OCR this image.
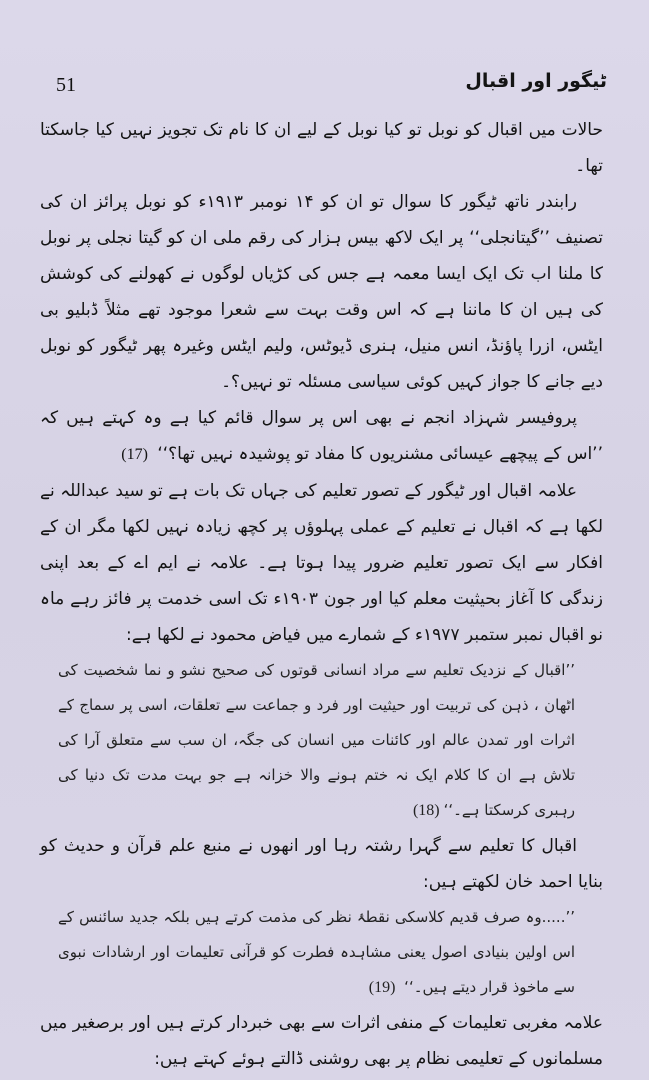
51	ٹیگور اور اقبال

حالات میں اقبال کو نوبل تو کیا نوبل کے لیے ان کا نام تک تجویز نہیں کیا جاسکتا تھا۔

رابندر ناتھ ٹیگور کا سوال تو ان کو ۱۴ نومبر ۱۹۱۳ء کو نوبل پرائز ان کی تصنیف ’’گیتانجلی‘‘ پر ایک لاکھ بیس ہزار کی رقم ملی ان کو گیتا نجلی پر نوبل کا ملنا اب تک ایک ایسا معمہ ہے جس کی کڑیاں لوگوں نے کھولنے کی کوشش کی ہیں ان کا ماننا ہے کہ اس وقت بہت سے شعرا موجود تھے مثلاً ڈبلیو بی ایٹس، ازرا پاؤنڈ، انس منیل، ہنری ڈیوٹس، ولیم ایٹس وغیرہ پھر ٹیگور کو نوبل دیے جانے کا جواز کہیں کوئی سیاسی مسئلہ تو نہیں؟۔

پروفیسر شہزاد انجم نے بھی اس پر سوال قائم کیا ہے وہ کہتے ہیں کہ ’’اس کے پیچھے عیسائی مشنریوں کا مفاد تو پوشیدہ نہیں تھا؟‘‘ (17)

علامہ اقبال اور ٹیگور کے تصور تعلیم کی جہاں تک بات ہے تو سید عبداللہ نے لکھا ہے کہ اقبال نے تعلیم کے عملی پہلوؤں پر کچھ زیادہ نہیں لکھا مگر ان کے افکار سے ایک تصور تعلیم ضرور پیدا ہوتا ہے۔ علامہ نے ایم اے کے بعد اپنی زندگی کا آغاز بحیثیت معلم کیا اور جون ۱۹۰۳ء تک اسی خدمت پر فائز رہے ماہ نو اقبال نمبر ستمبر ۱۹۷۷ء کے شمارے میں فیاض محمود نے لکھا ہے:

’’اقبال کے نزدیک تعلیم سے مراد انسانی قوتوں کی صحیح نشو و نما شخصیت کی اٹھان ، ذہن کی تربیت اور حیثیت اور فرد و جماعت سے تعلقات، اسی پر سماج کے اثرات اور تمدن عالم اور کائنات میں انسان کی جگہ، ان سب سے متعلق آرا کی تلاش ہے ان کا کلام ایک نہ ختم ہونے والا خزانہ ہے جو بہت مدت تک دنیا کی رہبری کرسکتا ہے۔‘‘(18)

اقبال کا تعلیم سے گہرا رشتہ رہا اور انھوں نے منبع علم قرآن و حدیث کو بنایا احمد خان لکھتے ہیں:

’’.....وہ صرف قدیم کلاسکی نقطۂ نظر کی مذمت کرتے ہیں بلکہ جدید سائنس کے اس اولین بنیادی اصول یعنی مشاہدہ فطرت کو قرآنی تعلیمات اور ارشادات نبوی سے ماخوذ قرار دیتے ہیں۔‘‘ (19)

علامہ مغربی تعلیمات کے منفی اثرات سے بھی خبردار کرتے ہیں اور برصغیر میں مسلمانوں کے تعلیمی نظام پر بھی روشنی ڈالتے ہوئے کہتے ہیں:
